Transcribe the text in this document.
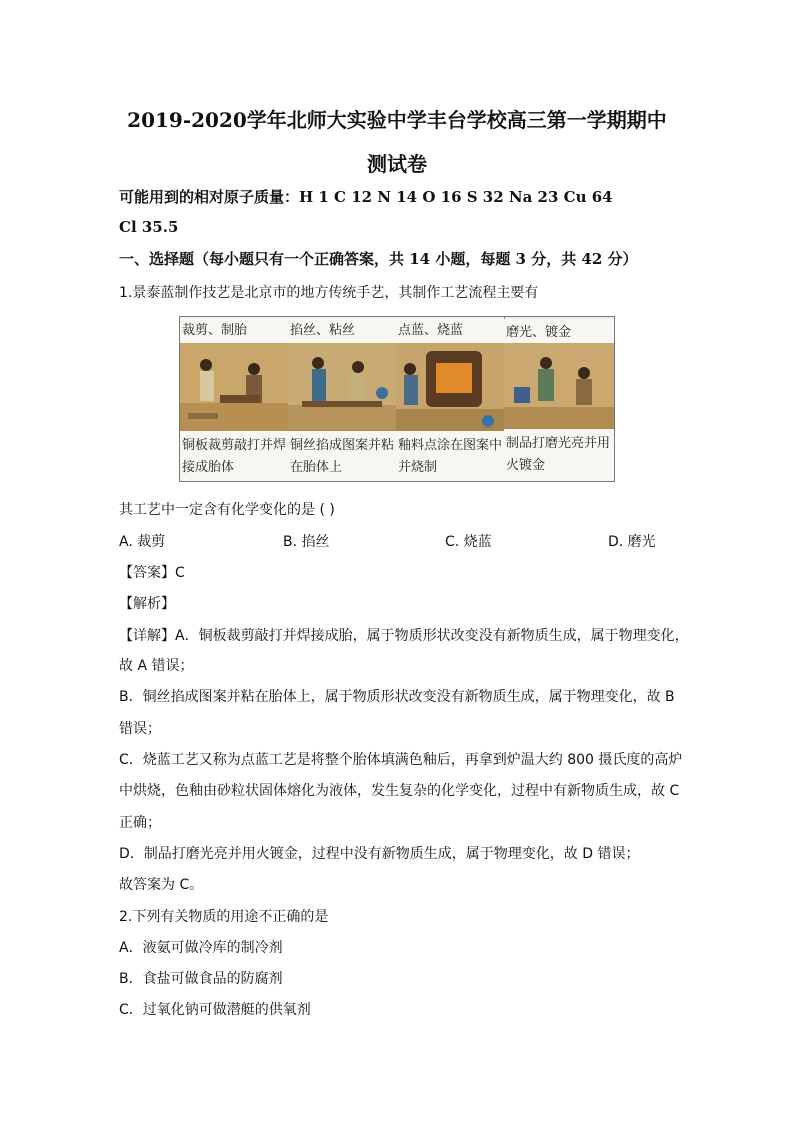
2019-2020学年北师大实验中学丰台学校高三第一学期期中
测试卷
可能用到的相对原子质量：H 1 C 12 N 14 O 16 S 32 Na 23 Cu 64
Cl 35.5
一、选择题（每小题只有一个正确答案，共 14 小题，每题 3 分，共 42 分）
1.景泰蓝制作技艺是北京市的地方传统手艺，其制作工艺流程主要有
裁剪、制胎
铜板裁剪敲打并焊接成胎体
掐丝、粘丝
铜丝掐成图案并粘在胎体上
点蓝、烧蓝
釉料点涂在图案中并烧制
磨光、镀金
制品打磨光亮并用火镀金
其工艺中一定含有化学变化的是 ( )
A. 裁剪	B. 掐丝	C. 烧蓝	D. 磨光
【答案】C
【解析】
【详解】A．铜板裁剪敲打并焊接成胎，属于物质形状改变没有新物质生成，属于物理变化，
故 A 错误；
B．铜丝掐成图案并粘在胎体上，属于物质形状改变没有新物质生成，属于物理变化，故 B
错误；
C．烧蓝工艺又称为点蓝工艺是将整个胎体填满色釉后，再拿到炉温大约 800 摄氏度的高炉
中烘烧，色釉由砂粒状固体熔化为液体，发生复杂的化学变化，过程中有新物质生成，故 C
正确；
D．制品打磨光亮并用火镀金，过程中没有新物质生成，属于物理变化，故 D 错误；
故答案为 C。
2.下列有关物质的用途不正确的是
A．液氨可做冷库的制冷剂
B．食盐可做食品的防腐剂
C．过氧化钠可做潜艇的供氧剂
